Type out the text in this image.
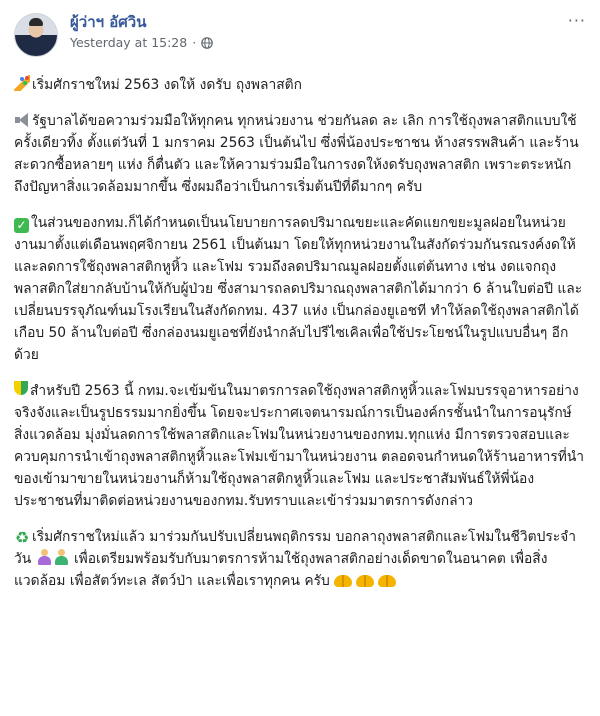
ผู้ว่าฯ อัศวิน
Yesterday at 15:28 ·
···

เริ่มศักราชใหม่ 2563 งดให้ งดรับ ถุงพลาสติก

รัฐบาลได้ขอความร่วมมือให้ทุกคน ทุกหน่วยงาน ช่วยกันลด ละ เลิก การใช้ถุงพลาสติกแบบใช้ครั้งเดียวทิ้ง ตั้งแต่วันที่ 1 มกราคม 2563 เป็นต้นไป ซึ่งพี่น้องประชาชน ห้างสรรพสินค้า และร้านสะดวกซื้อหลายๆ แห่ง ก็ตื่นตัว และให้ความร่วมมือในการงดให้งดรับถุงพลาสติก เพราะตระหนักถึงปัญหาสิ่งแวดล้อมมากขึ้น ซึ่งผมถือว่าเป็นการเริ่มต้นปีที่ดีมากๆ ครับ

✓ ในส่วนของกทม.ก็ได้กำหนดเป็นนโยบายการลดปริมาณขยะและคัดแยกขยะมูลฝอยในหน่วยงานมาตั้งแต่เดือนพฤศจิกายน 2561 เป็นต้นมา โดยให้ทุกหน่วยงานในสังกัดร่วมกันรณรงค์งดให้และลดการใช้ถุงพลาสติกหูหิ้ว และโฟม รวมถึงลดปริมาณมูลฝอยตั้งแต่ต้นทาง เช่น งดแจกถุงพลาสติกใส่ยากลับบ้านให้กับผู้ป่วย ซึ่งสามารถลดปริมาณถุงพลาสติกได้มากว่า 6 ล้านใบต่อปี และเปลี่ยนบรรจุภัณฑ์นมโรงเรียนในสังกัดกทม. 437 แห่ง เป็นกล่องยูเอชที ทำให้ลดใช้ถุงพลาสติกได้เกือบ 50 ล้านใบต่อปี ซึ่งกล่องนมยูเอชที่ยังนำกลับไปรีไซเคิลเพื่อใช้ประโยชน์ในรูปแบบอื่นๆ อีกด้วย

สำหรับปี 2563 นี้ กทม.จะเข้มข้นในมาตรการลดใช้ถุงพลาสติกหูหิ้วและโฟมบรรจุอาหารอย่างจริงจังและเป็นรูปธรรมมากยิ่งขึ้น โดยจะประกาศเจตนารมณ์การเป็นองค์กรชั้นนำในการอนุรักษ์สิ่งแวดล้อม มุ่งมั่นลดการใช้พลาสติกและโฟมในหน่วยงานของกทม.ทุกแห่ง มีการตรวจสอบและควบคุมการนำเข้าถุงพลาสติกหูหิ้วและโฟมเข้ามาในหน่วยงาน ตลอดจนกำหนดให้ร้านอาหารที่นำของเข้ามาขายในหน่วยงานก็ห้ามใช้ถุงพลาสติกหูหิ้วและโฟม และประชาสัมพันธ์ให้พี่น้องประชาชนที่มาติดต่อหน่วยงานของกทม.รับทราบและเข้าร่วมมาตรการดังกล่าว

♻ เริ่มศักราชใหม่แล้ว มาร่วมกันปรับเปลี่ยนพฤติกรรม บอกลาถุงพลาสติกและโฟมในชีวิตประจำวัน	เพื่อเตรียมพร้อมรับกับมาตรการห้ามใช้ถุงพลาสติกอย่างเด็ดขาดในอนาคต เพื่อสิ่งแวดล้อม เพื่อสัตว์ทะเล สัตว์ป่า และเพื่อเราทุกคน ครับ
